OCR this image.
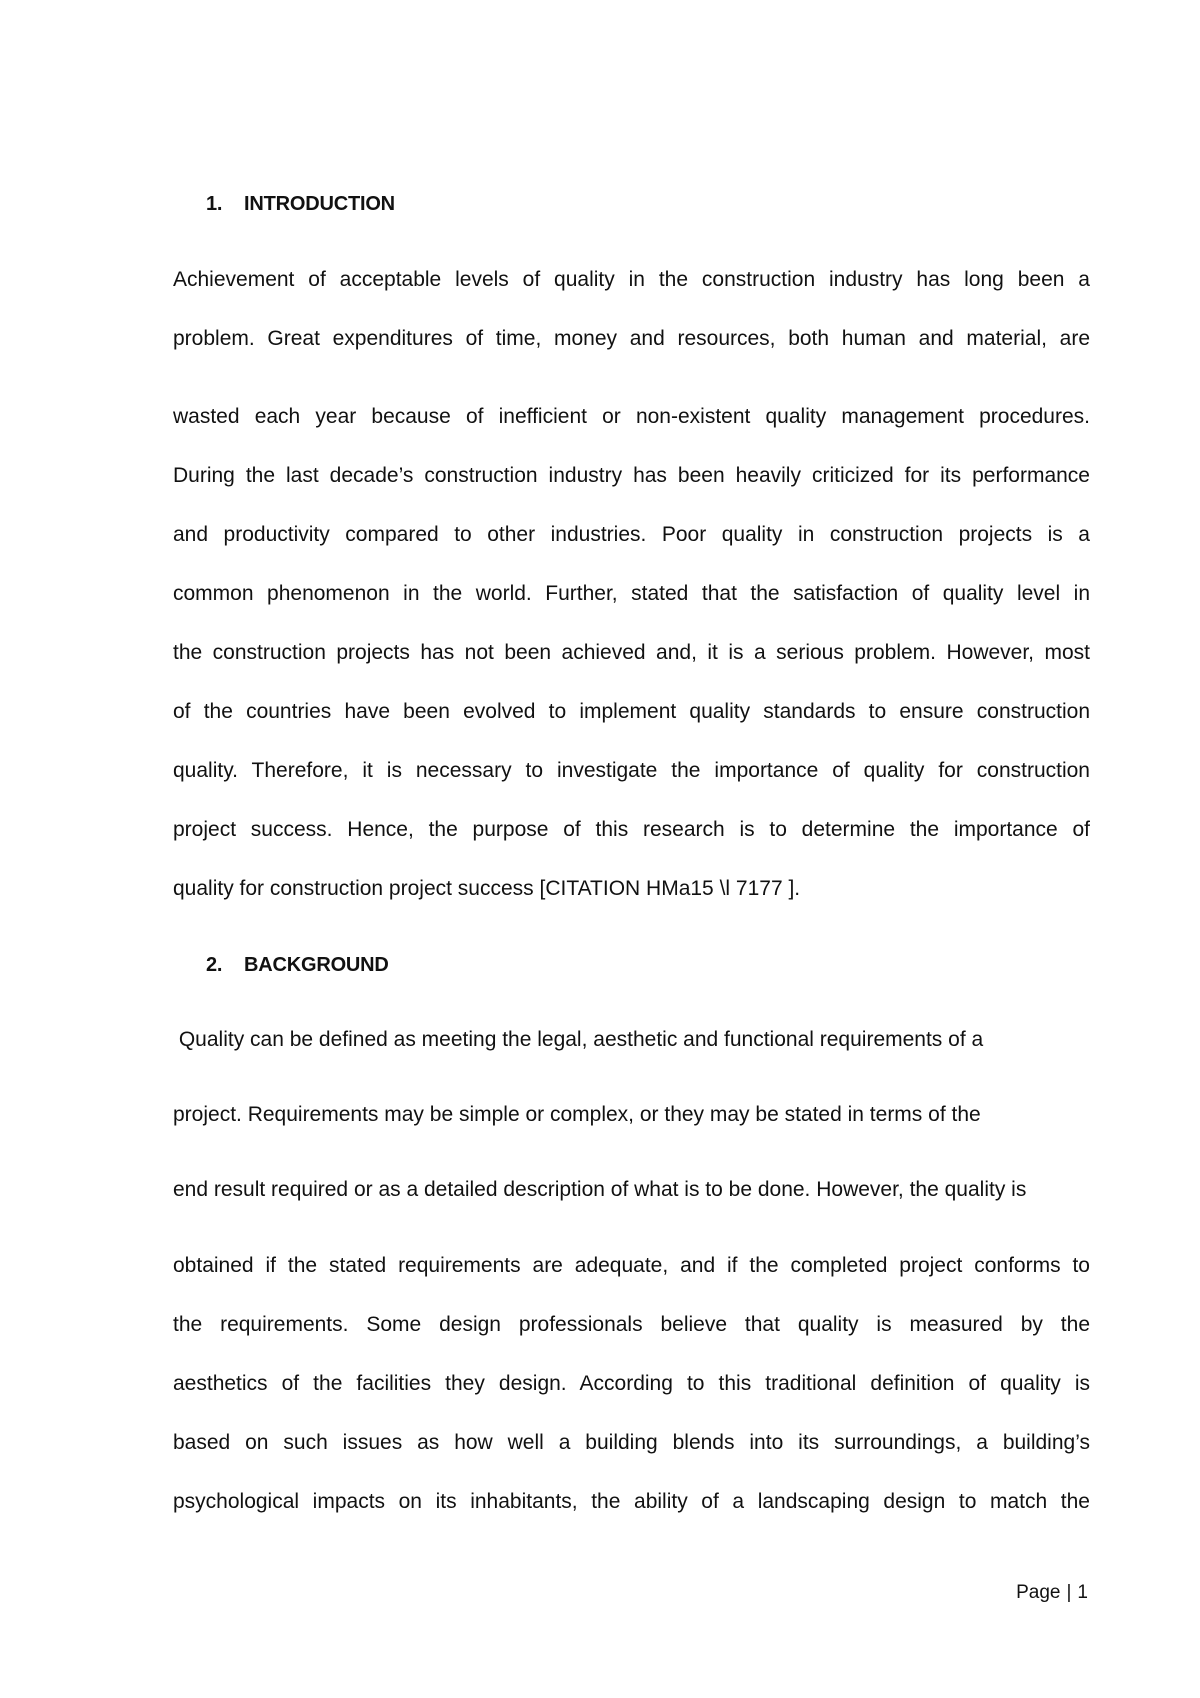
1. INTRODUCTION
Achievement of acceptable levels of quality in the construction industry has long been a
problem. Great expenditures of time, money and resources, both human and material, are
wasted each year because of inefficient or non-existent quality management procedures.
During the last decade’s construction industry has been heavily criticized for its performance
and productivity compared to other industries. Poor quality in construction projects is a
common phenomenon in the world. Further, stated that the satisfaction of quality level in
the construction projects has not been achieved and, it is a serious problem. However, most
of the countries have been evolved to implement quality standards to ensure construction
quality. Therefore, it is necessary to investigate the importance of quality for construction
project success. Hence, the purpose of this research is to determine the importance of
quality for construction project success [CITATION HMa15 \l 7177 ].
2. BACKGROUND
Quality can be defined as meeting the legal, aesthetic and functional requirements of a
project. Requirements may be simple or complex, or they may be stated in terms of the
end result required or as a detailed description of what is to be done. However, the quality is
obtained if the stated requirements are adequate, and if the completed project conforms to
the requirements. Some design professionals believe that quality is measured by the
aesthetics of the facilities they design. According to this traditional definition of quality is
based on such issues as how well a building blends into its surroundings, a building’s
psychological impacts on its inhabitants, the ability of a landscaping design to match the
Page | 1
